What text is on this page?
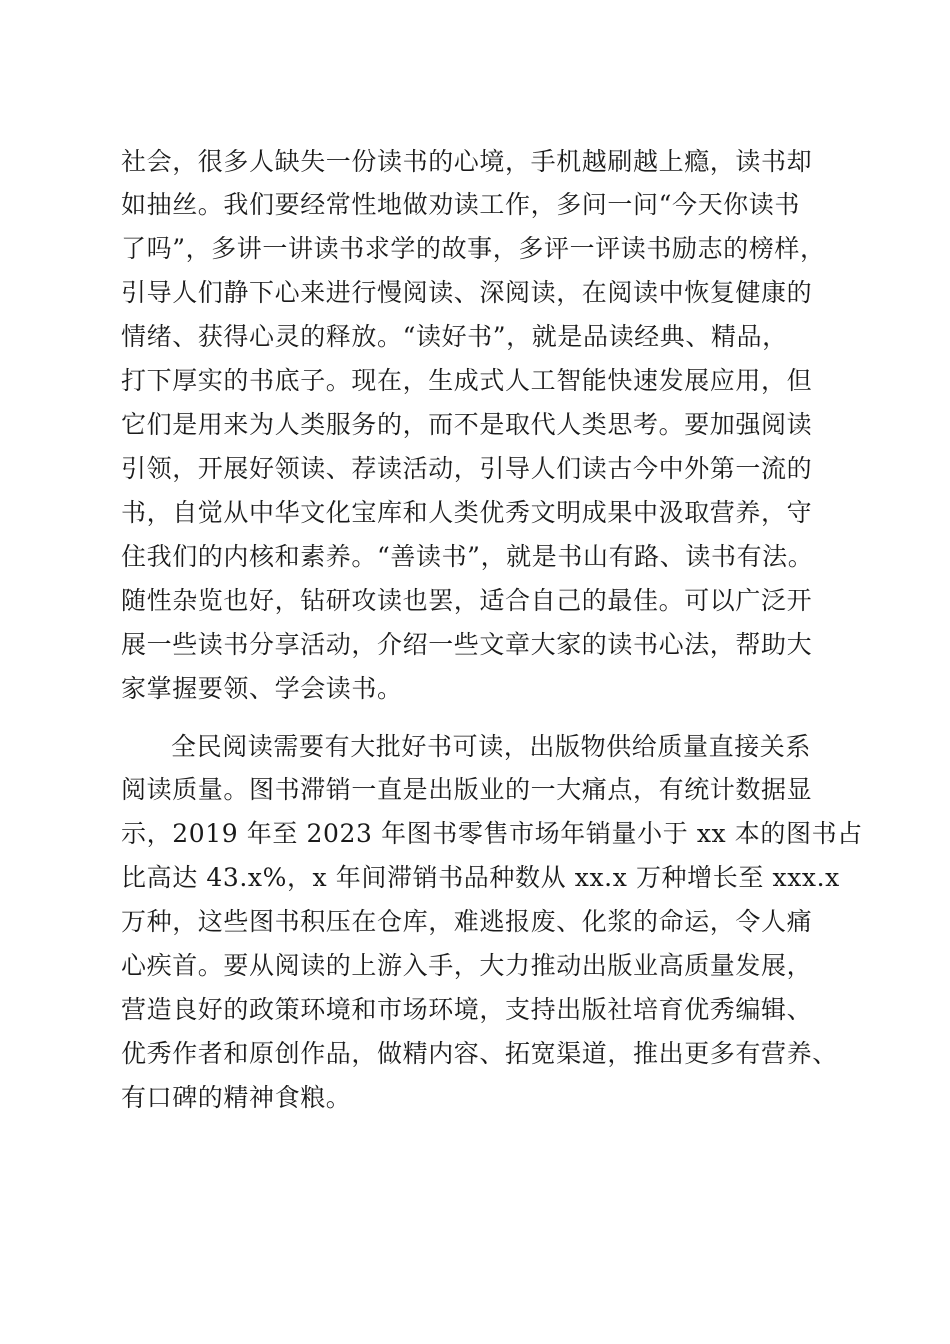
社会，很多人缺失一份读书的心境，手机越刷越上瘾，读书却

如抽丝。我们要经常性地做劝读工作，多问一问“今天你读书

了吗”，多讲一讲读书求学的故事，多评一评读书励志的榜样，

引导人们静下心来进行慢阅读、深阅读，在阅读中恢复健康的

情绪、获得心灵的释放。“读好书”，就是品读经典、精品，

打下厚实的书底子。现在，生成式人工智能快速发展应用，但

它们是用来为人类服务的，而不是取代人类思考。要加强阅读

引领，开展好领读、荐读活动，引导人们读古今中外第一流的

书，自觉从中华文化宝库和人类优秀文明成果中汲取营养，守

住我们的内核和素养。“善读书”，就是书山有路、读书有法。

随性杂览也好，钻研攻读也罢，适合自己的最佳。可以广泛开

展一些读书分享活动，介绍一些文章大家的读书心法，帮助大

家掌握要领、学会读书。

全民阅读需要有大批好书可读，出版物供给质量直接关系

阅读质量。图书滞销一直是出版业的一大痛点，有统计数据显

示，2019 年至 2023 年图书零售市场年销量小于 xx 本的图书占

比高达 43.x%，x 年间滞销书品种数从 xx.x 万种增长至 xxx.x

万种，这些图书积压在仓库，难逃报废、化浆的命运，令人痛

心疾首。要从阅读的上游入手，大力推动出版业高质量发展，

营造良好的政策环境和市场环境，支持出版社培育优秀编辑、

优秀作者和原创作品，做精内容、拓宽渠道，推出更多有营养、

有口碑的精神食粮。
